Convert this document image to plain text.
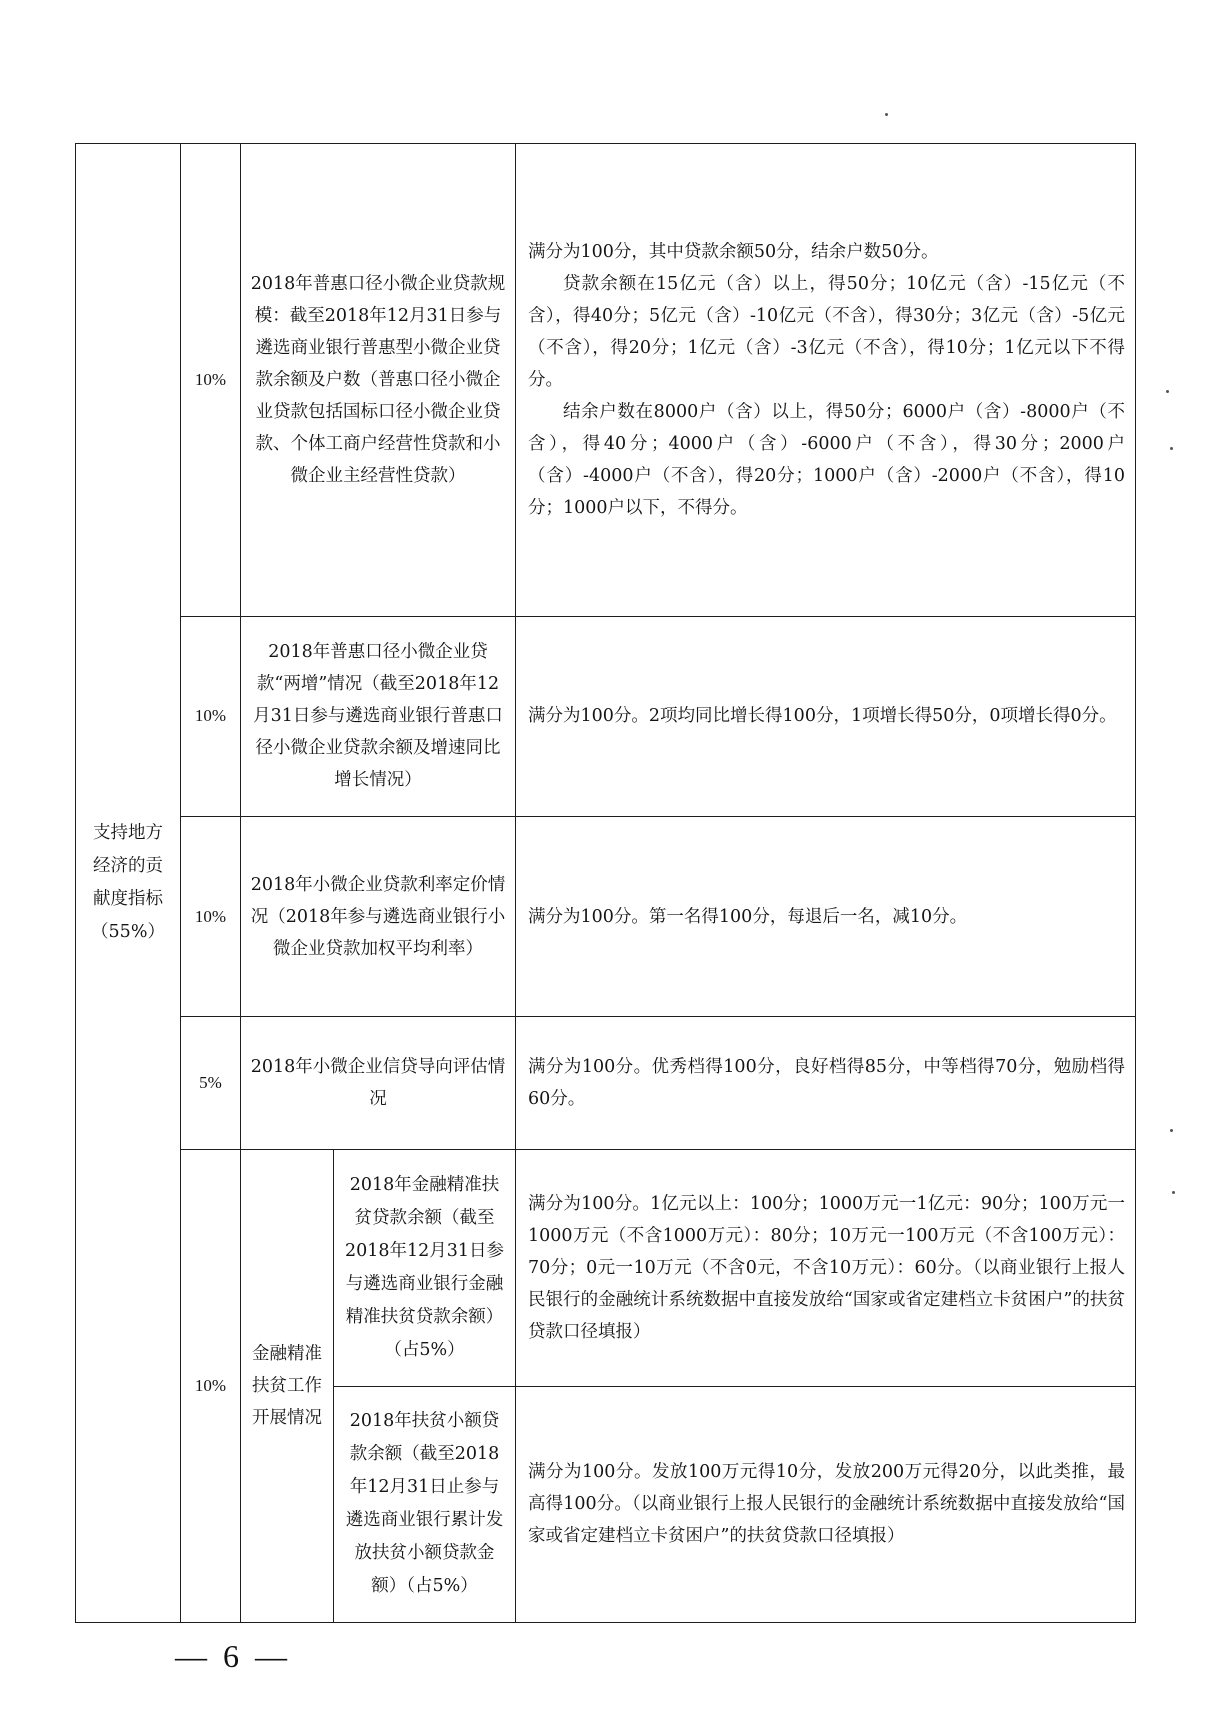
支持地方经济的贡献度指标（55%）	10%	2018年普惠口径小微企业贷款规模：截至2018年12月31日参与遴选商业银行普惠型小微企业贷款余额及户数（普惠口径小微企业贷款包括国标口径小微企业贷款、个体工商户经营性贷款和小微企业主经营性贷款）		满分为100分，其中贷款余额50分，结余户数50分。

贷款余额在15亿元（含）以上，得50分；10亿元（含）-15亿元（不含），得40分；5亿元（含）-10亿元（不含），得30分；3亿元（含）-5亿元（不含），得20分；1亿元（含）-3亿元（不含），得10分；1亿元以下不得分。

结余户数在8000户（含）以上，得50分；6000户（含）-8000户（不含），得40分；4000户（含）-6000户（不含），得30分；2000户（含）-4000户（不含），得20分；1000户（含）-2000户（不含），得10分；1000户以下，不得分。

	10%	2018年普惠口径小微企业贷款“两增”情况（截至2018年12月31日参与遴选商业银行普惠口径小微企业贷款余额及增速同比增长情况）		满分为100分。2项均同比增长得100分，1项增长得50分，0项增长得0分。
	10%	2018年小微企业贷款利率定价情况（2018年参与遴选商业银行小微企业贷款加权平均利率）		满分为100分。第一名得100分，每退后一名，减10分。
	5%	2018年小微企业信贷导向评估情况		满分为100分。优秀档得100分，良好档得85分，中等档得70分，勉励档得60分。
	10%	金融精准扶贫工作开展情况	2018年金融精准扶贫贷款余额（截至2018年12月31日参与遴选商业银行金融精准扶贫贷款余额）（占5%）	满分为100分。1亿元以上：100分；1000万元一1亿元：90分；100万元一1000万元（不含1000万元）：80分；10万元一100万元（不含100万元）：70分；0元一10万元（不含0元，不含10万元）：60分。（以商业银行上报人民银行的金融统计系统数据中直接发放给“国家或省定建档立卡贫困户”的扶贫贷款口径填报）
			2018年扶贫小额贷款余额（截至2018年12月31日止参与遴选商业银行累计发放扶贫小额贷款金额）（占5%）	满分为100分。发放100万元得10分，发放200万元得20分，以此类推，最高得100分。（以商业银行上报人民银行的金融统计系统数据中直接发放给“国家或省定建档立卡贫困户”的扶贫贷款口径填报）
— 6 —
